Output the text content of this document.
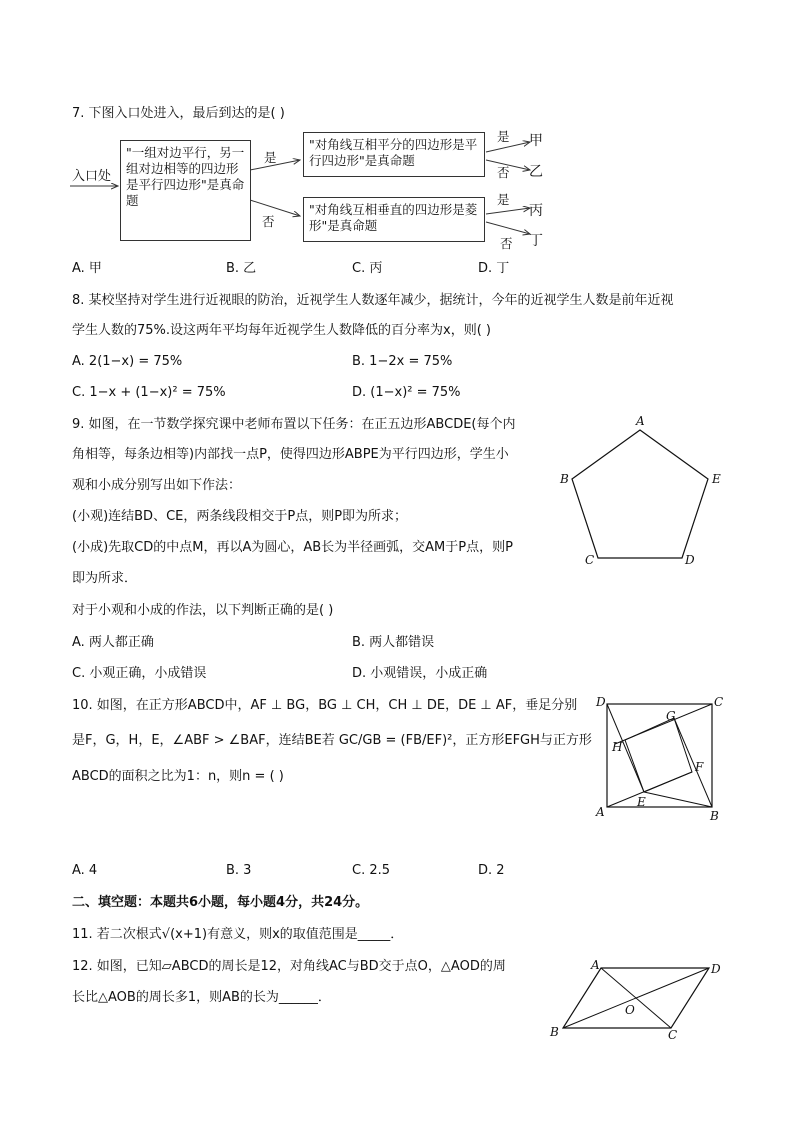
7. 下图入口处进入，最后到达的是( )
入口处
"一组对边平行，另一组对边相等的四边形是平行四边形"是真命题
"对角线互相平分的四边形是平行四边形"是真命题
"对角线互相垂直的四边形是菱形"是真命题
是
否
是
否
是
否
甲
乙
丙
丁
A. 甲	B. 乙	C. 丙	D. 丁
8. 某校坚持对学生进行近视眼的防治，近视学生人数逐年减少，据统计，今年的近视学生人数是前年近视
学生人数的75%.设这两年平均每年近视学生人数降低的百分率为x，则( )
A. 2(1−x) = 75%	B. 1−2x = 75%
C. 1−x + (1−x)² = 75%	D. (1−x)² = 75%
9. 如图，在一节数学探究课中老师布置以下任务：在正五边形ABCDE(每个内
角相等，每条边相等)内部找一点P，使得四边形ABPE为平行四边形，学生小
观和小成分别写出如下作法：
(小观)连结BD、CE，两条线段相交于P点，则P即为所求；
(小成)先取CD的中点M，再以A为圆心，AB长为半径画弧，交AM于P点，则P
即为所求．
对于小观和小成的作法，以下判断正确的是( )
A. 两人都正确	B. 两人都错误
C. 小观正确，小成错误	D. 小观错误，小成正确
A
B	E
C	D
10. 如图，在正方形ABCD中，AF ⊥ BG，BG ⊥ CH，CH ⊥ DE，DE ⊥ AF，垂足分别
是F，G，H，E，∠ABF > ∠BAF，连结BE若 GC/GB = (FB/EF)²，正方形EFGH与正方形
ABCD的面积之比为1：n，则n = ( )
D	C
A	B
G
H
F
E
A. 4	B. 3	C. 2.5	D. 2
二、填空题：本题共6小题，每小题4分，共24分。
11. 若二次根式√(x+1)有意义，则x的取值范围是_____．
12. 如图，已知▱ABCD的周长是12，对角线AC与BD交于点O，△AOD的周
长比△AOB的周长多1，则AB的长为______．
A	D
B	C
O
